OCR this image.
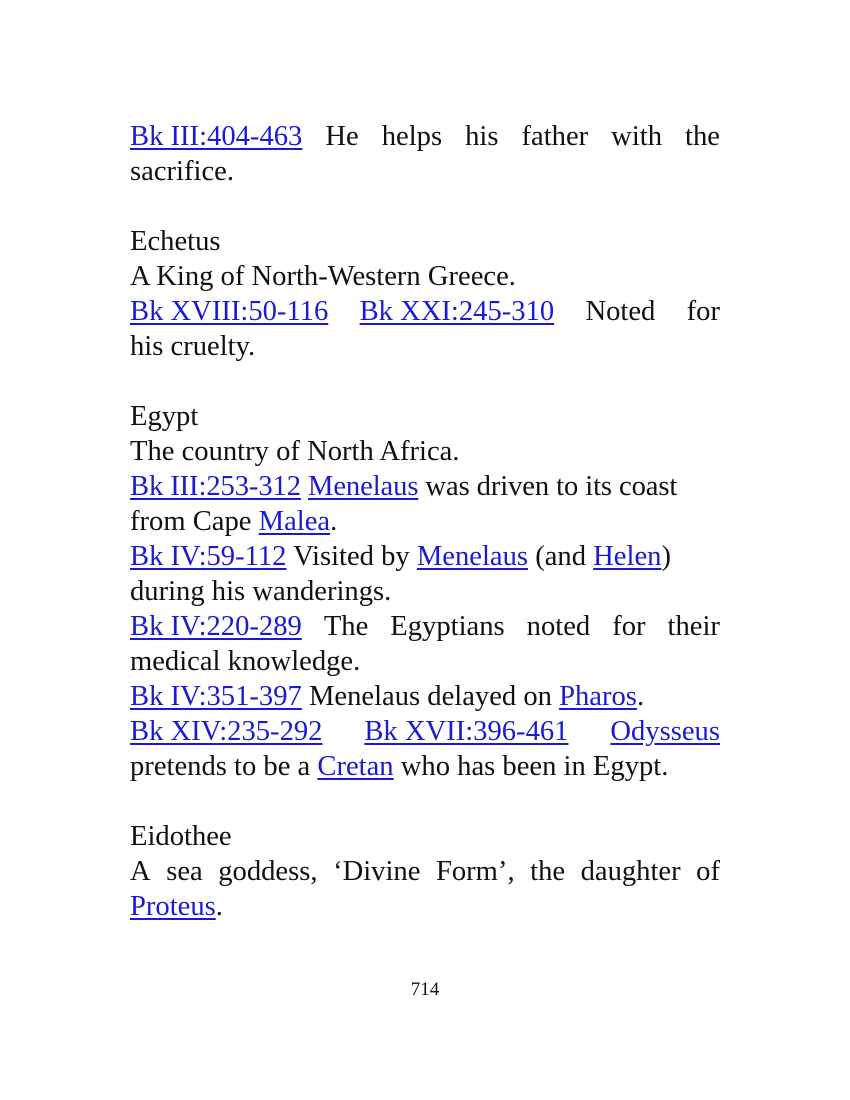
Bk III:404-463 He helps his father with the
sacrifice.
Echetus
A King of North-Western Greece.
Bk XVIII:50-116 Bk XXI:245-310 Noted for
his cruelty.
Egypt
The country of North Africa.
Bk III:253-312 Menelaus was driven to its coast
from Cape Malea.
Bk IV:59-112 Visited by Menelaus (and Helen)
during his wanderings.
Bk IV:220-289 The Egyptians noted for their
medical knowledge.
Bk IV:351-397 Menelaus delayed on Pharos.
Bk XIV:235-292 Bk XVII:396-461 Odysseus
pretends to be a Cretan who has been in Egypt.
Eidothee
A sea goddess, ‘Divine Form’, the daughter of
Proteus.
714
